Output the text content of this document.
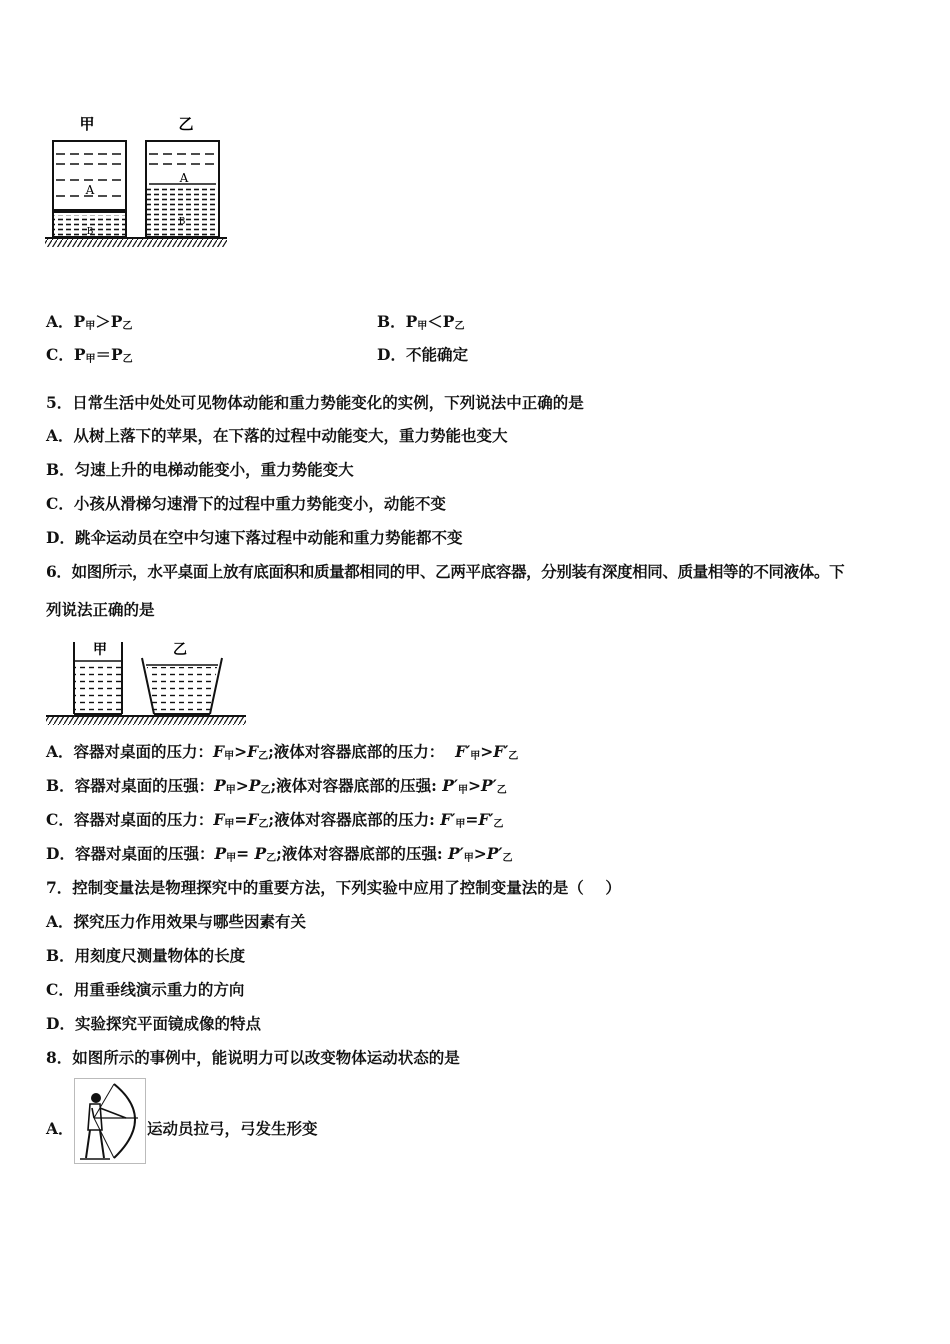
甲	乙
A
B
A
B
A．$P_甲>P_乙$	B．$P_甲<P_乙$
C．$P_甲=P_乙$	D．不能确定
5．日常生活中处处可见物体动能和重力势能变化的实例，下列说法中正确的是
A．从树上落下的苹果，在下落的过程中动能变大，重力势能也变大
B．匀速上升的电梯动能变小，重力势能变大
C．小孩从滑梯匀速滑下的过程中重力势能变小，动能不变
D．跳伞运动员在空中匀速下落过程中动能和重力势能都不变
6．如图所示，水平桌面上放有底面积和质量都相同的甲、乙两平底容器，分别装有深度相同、质量相等的不同液体。下
列说法正确的是
甲	乙
A．容器对桌面的压力：$F_甲>F_乙$;液体对容器底部的压力：  $F'_甲>F'_乙$
B．容器对桌面的压强：$P_甲>P_乙$;液体对容器底部的压强: $P'_甲>P'_乙$
C．容器对桌面的压力：$F_甲=F_乙$;液体对容器底部的压力: $F'_甲=F'_乙$
D．容器对桌面的压强：$P_甲= P_乙$;液体对容器底部的压强: $P'_甲>P'_乙$
7．控制变量法是物理探究中的重要方法，下列实验中应用了控制变量法的是（    ）
A．探究压力作用效果与哪些因素有关
B．用刻度尺测量物体的长度
C．用重垂线演示重力的方向
D．实验探究平面镜成像的特点
8．如图所示的事例中，能说明力可以改变物体运动状态的是
A．	运动员拉弓，弓发生形变
